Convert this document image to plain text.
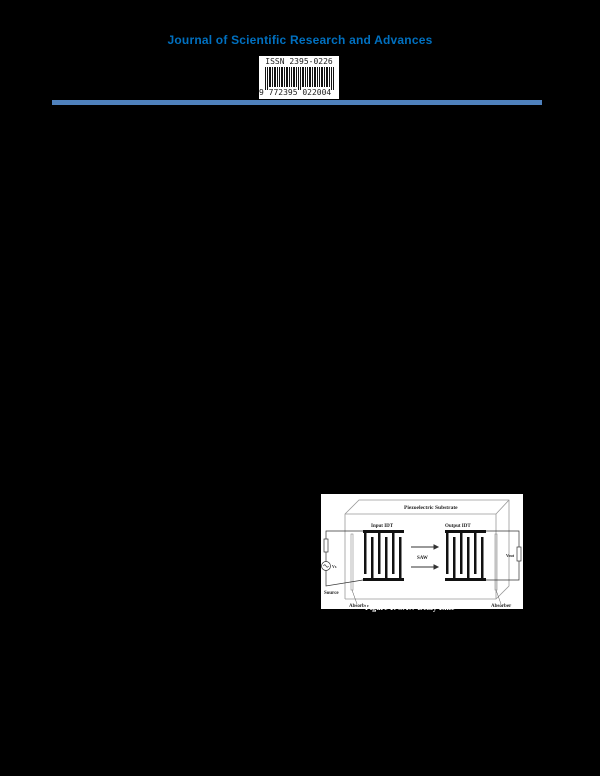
Journal of Scientific Research and Advances
ISSN 2395-0226
9 772395 022004
Piezoelectric Substrate
Input IDT	Output IDT
SAW
Absorber	Absorber
Vs
Source
Vout
Figure 1: SAW Delay Line
